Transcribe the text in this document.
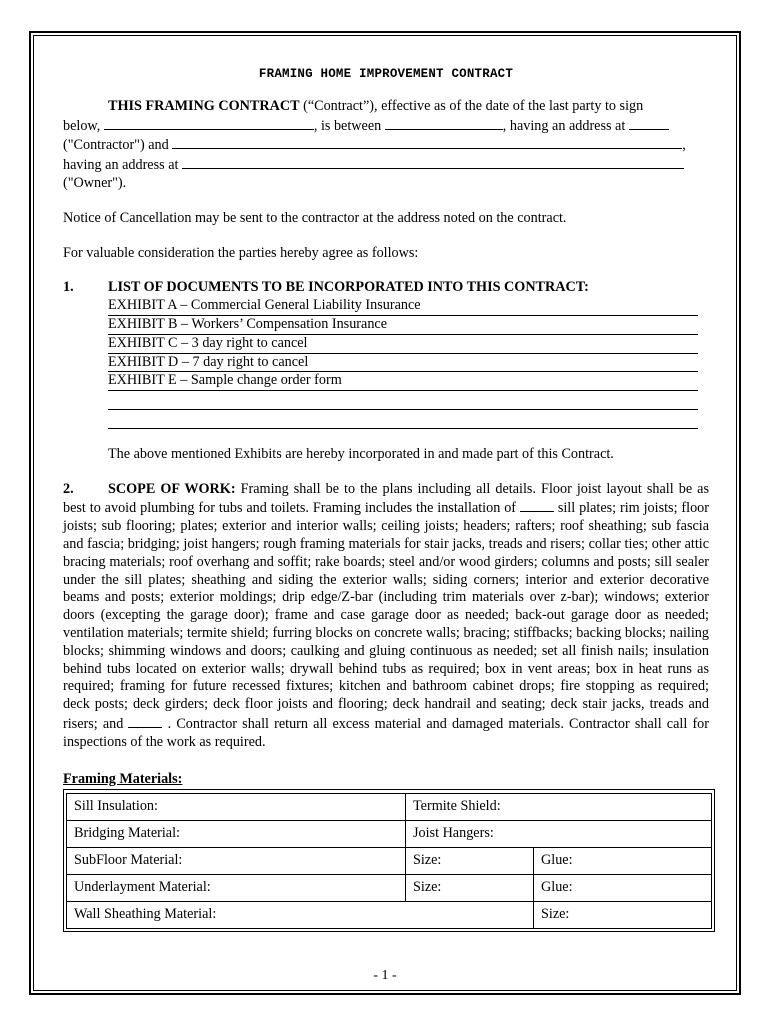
FRAMING HOME IMPROVEMENT CONTRACT

THIS FRAMING CONTRACT (“Contract”), effective as of the date of the last party to sign

below,	, is between	, having an address at

("Contractor") and	,

having an address at

("Owner").

Notice of Cancellation may be sent to the contractor at the address noted on the contract.

For valuable consideration the parties hereby agree as follows:

1.	LIST OF DOCUMENTS TO BE INCORPORATED INTO THIS CONTRACT:
EXHIBIT A – Commercial General Liability Insurance
EXHIBIT B – Workers’ Compensation Insurance
EXHIBIT C – 3 day right to cancel
EXHIBIT D – 7 day right to cancel
EXHIBIT E – Sample change order form

The above mentioned Exhibits are hereby incorporated in and made part of this Contract.

2. SCOPE OF WORK: Framing shall be to the plans including all details. Floor joist layout shall be as best to avoid plumbing for tubs and toilets. Framing includes the installation of  sill plates; rim joists; floor joists; sub flooring; plates; exterior and interior walls; ceiling joists; headers; rafters; roof sheathing; sub fascia and fascia; bridging; joist hangers; rough framing materials for stair jacks, treads and risers; collar ties; other attic bracing materials; roof overhang and soffit; rake boards; steel and/or wood girders; columns and posts; sill sealer under the sill plates; sheathing and siding the exterior walls; siding corners; interior and exterior decorative beams and posts; exterior moldings; drip edge/Z-bar (including trim materials over z-bar); windows; exterior doors (excepting the garage door); frame and case garage door as needed; back-out garage door as needed; ventilation materials; termite shield; furring blocks on concrete walls; bracing; stiffbacks; backing blocks; nailing blocks; shimming windows and doors; caulking and gluing continuous as needed; set all finish nails; insulation behind tubs located on exterior walls; drywall behind tubs as required; box in vent areas; box in heat runs as required; framing for future recessed fixtures; kitchen and bathroom cabinet drops; fire stopping as required; deck posts; deck girders; deck floor joists and flooring; deck handrail and seating; deck stair jacks, treads and risers; and  . Contractor shall return all excess material and damaged materials. Contractor shall call for inspections of the work as required.

Framing Materials:
Sill Insulation:	Termite Shield:	
Bridging Material:	Joist Hangers:	
SubFloor Material:	Size:	Glue:
Underlayment Material:	Size:	Glue:
Wall Sheathing Material:		Size:
- 1 -
